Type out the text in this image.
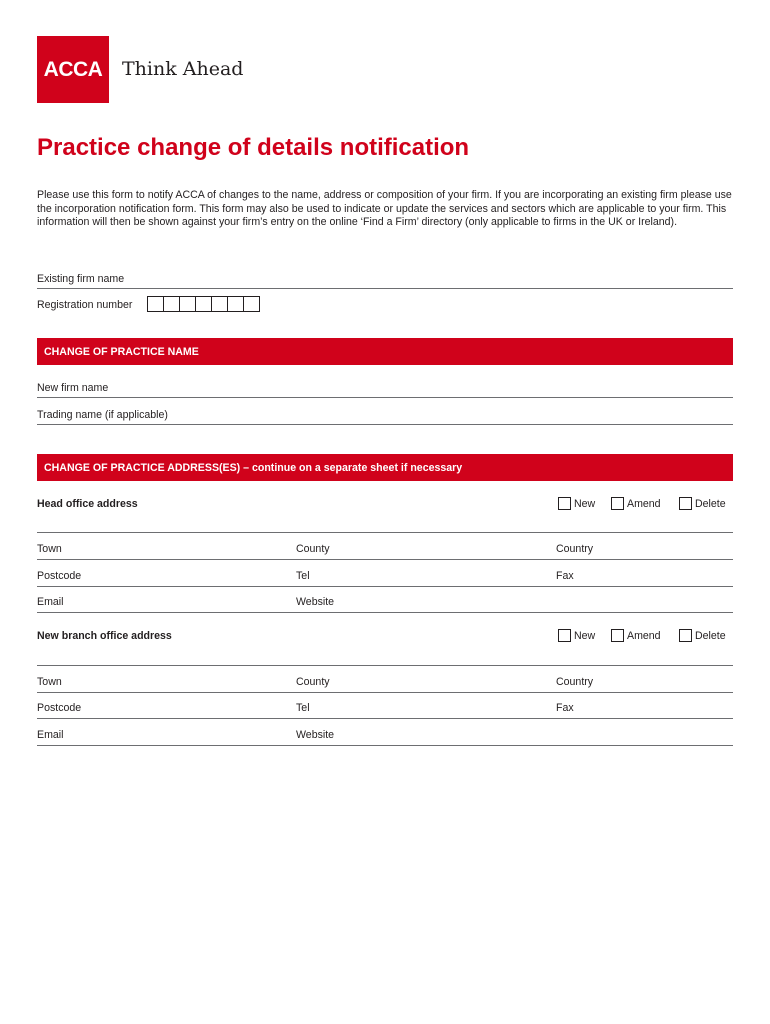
ACCA Think Ahead
Practice change of details notification

Please use this form to notify ACCA of changes to the name, address or composition of your firm. If you are incorporating an existing firm please use the incorporation notification form. This form may also be used to indicate or update the services and sectors which are applicable to your firm. This information will then be shown against your firm’s entry on the online ‘Find a Firm’ directory (only applicable to firms in the UK or Ireland).

Existing firm name
Registration number
CHANGE OF PRACTICE NAME
New firm name
Trading name (if applicable)
CHANGE OF PRACTICE ADDRESS(ES) – continue on a separate sheet if necessary
Head office address	New	Amend	Delete
Town	County	Country
Postcode	Tel	Fax
Email	Website
New branch office address	New	Amend	Delete
Town	County	Country
Postcode	Tel	Fax
Email	Website
